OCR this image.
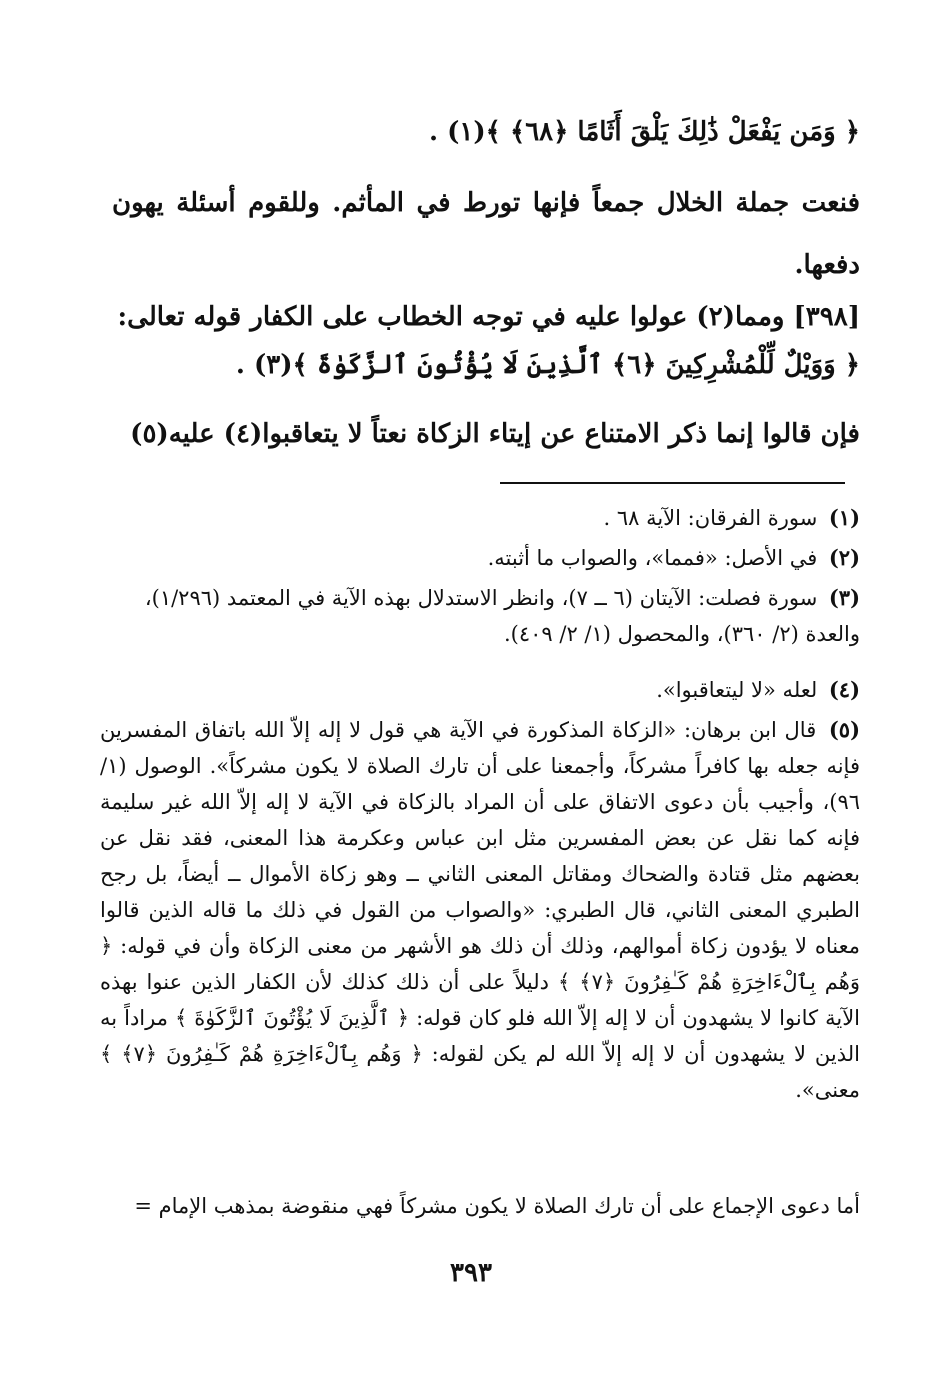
﴿ وَمَن يَفْعَلْ ذَٰلِكَ يَلْقَ أَثَامًا ﴿٦٨﴾ ﴾(١) .

فنعت جملة الخلال جمعاً فإنها تورط في المأثم. وللقوم أسئلة يهون دفعها.

[٣٩٨] ومما(٢) عولوا عليه في توجه الخطاب على الكفار قوله تعالى:

﴿ وَوَيْلٌ لِّلْمُشْرِكِينَ ﴿٦﴾ ٱلَّذِينَ لَا يُؤْتُونَ ٱلزَّكَوٰةَ ﴾(٣) .

فإن قالوا إنما ذكر الامتناع عن إيتاء الزكاة نعتاً لا يتعاقبوا(٤) عليه(٥)

(١) سورة الفرقان: الآية ٦٨ .
(٢) في الأصل: «فمما»، والصواب ما أثبته.
(٣) سورة فصلت: الآيتان (٦ ــ ٧)، وانظر الاستدلال بهذه الآية في المعتمد (١/٢٩٦)، والعدة (٢/ ٣٦٠)، والمحصول (١/ ٢/ ٤٠٩).
(٤) لعله «لا ليتعاقبوا».
(٥) قال ابن برهان: «الزكاة المذكورة في الآية هي قول لا إله إلاّ الله باتفاق المفسرين فإنه جعله بها كافراً مشركاً، وأجمعنا على أن تارك الصلاة لا يكون مشركاً». الوصول (١/ ٩٦)، وأجيب بأن دعوى الاتفاق على أن المراد بالزكاة في الآية لا إله إلاّ الله غير سليمة فإنه كما نقل عن بعض المفسرين مثل ابن عباس وعكرمة هذا المعنى، فقد نقل عن بعضهم مثل قتادة والضحاك ومقاتل المعنى الثاني ــ وهو زكاة الأموال ــ أيضاً، بل رجح الطبري المعنى الثاني، قال الطبري: «والصواب من القول في ذلك ما قاله الذين قالوا معناه لا يؤدون زكاة أموالهم، وذلك أن ذلك هو الأشهر من معنى الزكاة وأن في قوله: ﴿ وَهُم بِٱلْءَاخِرَةِ هُمْ كَـٰفِرُونَ ﴿٧﴾ ﴾ دليلاً على أن ذلك كذلك لأن الكفار الذين عنوا بهذه الآية كانوا لا يشهدون أن لا إله إلاّ الله فلو كان قوله: ﴿ ٱلَّذِينَ لَا يُؤْتُونَ ٱلزَّكَوٰةَ ﴾ مراداً به الذين لا يشهدون أن لا إله إلاّ الله لم يكن لقوله: ﴿ وَهُم بِٱلْءَاخِرَةِ هُمْ كَـٰفِرُونَ ﴿٧﴾ ﴾ معنى».

أما دعوى الإجماع على أن تارك الصلاة لا يكون مشركاً فهي منقوضة بمذهب الإمام =

٣٩٣
